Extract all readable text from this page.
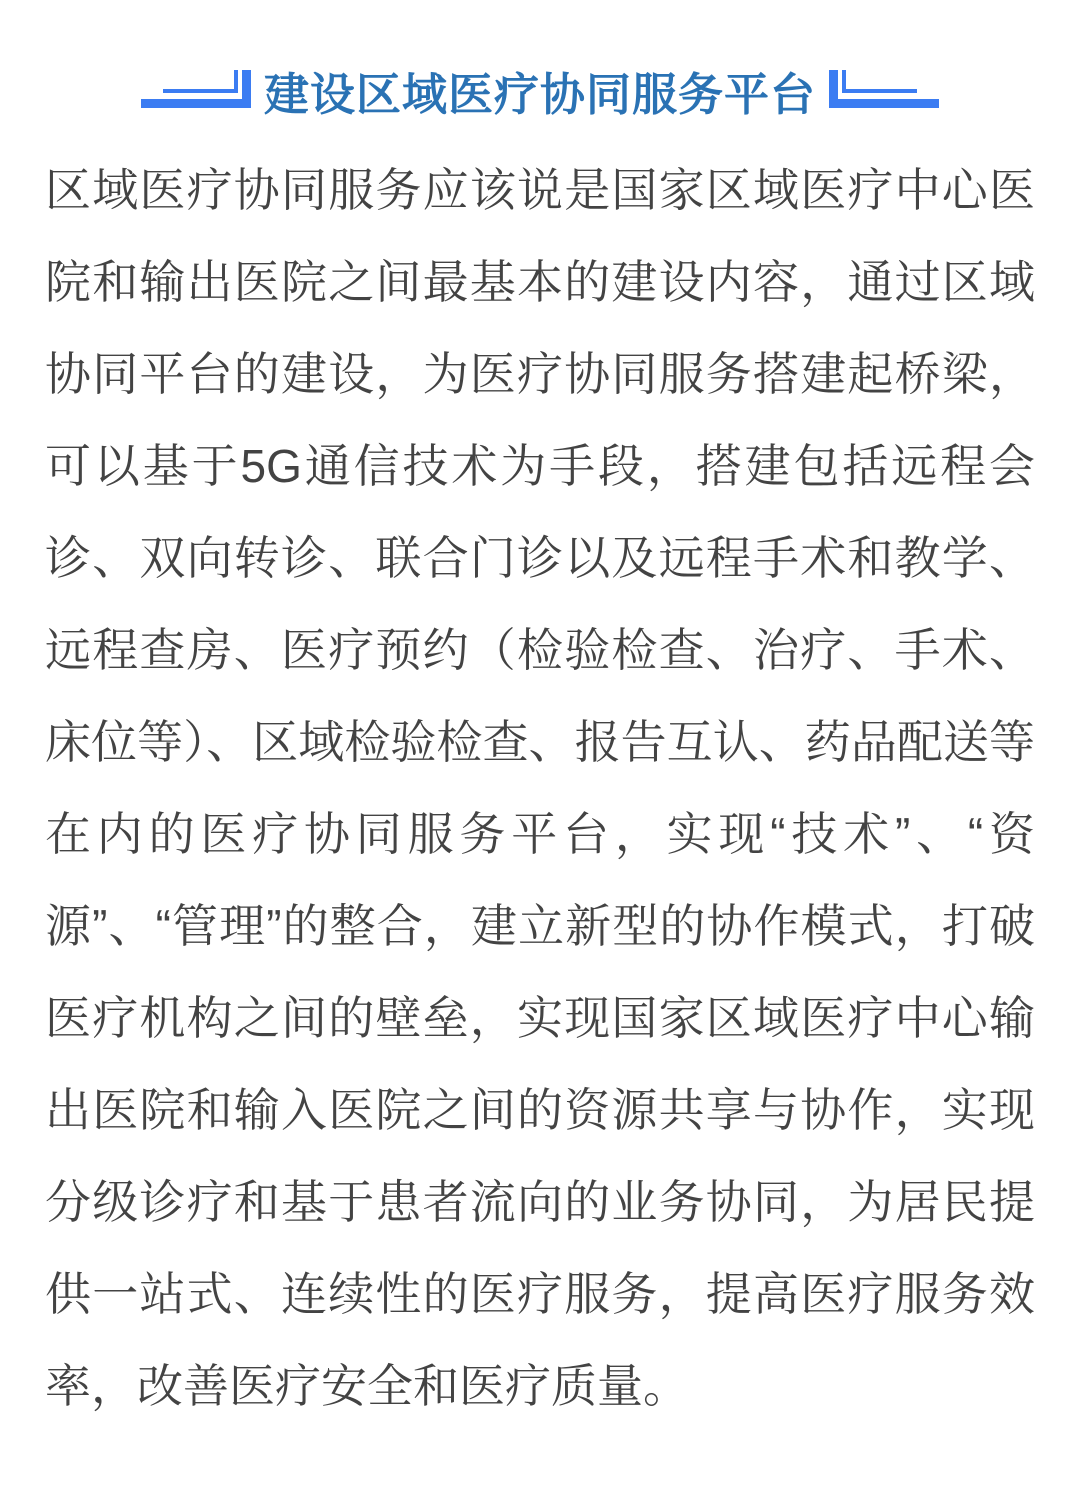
建设区域医疗协同服务平台

区域医疗协同服务应该说是国家区域医疗中心医院和输出医院之间最基本的建设内容，通过区域协同平台的建设，为医疗协同服务搭建起桥梁，可以基于5G通信技术为手段，搭建包括远程会诊、双向转诊、联合门诊以及远程手术和教学、远程查房、医疗预约（检验检查、治疗、手术、床位等）、区域检验检查、报告互认、药品配送等在内的医疗协同服务平台，实现“技术”、“资源”、“管理”的整合，建立新型的协作模式，打破医疗机构之间的壁垒，实现国家区域医疗中心输出医院和输入医院之间的资源共享与协作，实现分级诊疗和基于患者流向的业务协同，为居民提供一站式、连续性的医疗服务，提高医疗服务效率，改善医疗安全和医疗质量。
